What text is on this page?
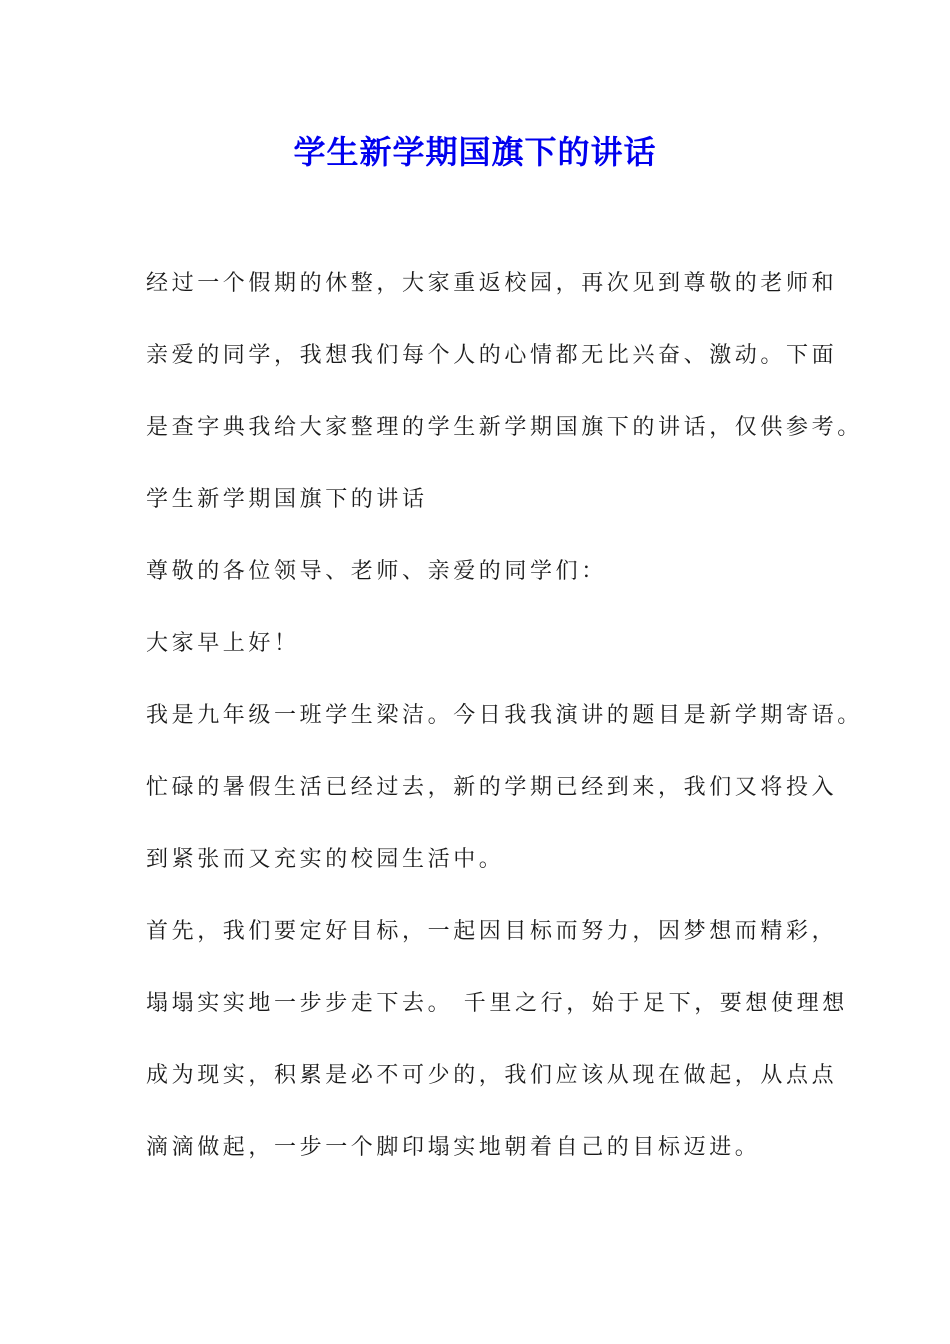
学生新学期国旗下的讲话
经过一个假期的休整，大家重返校园，再次见到尊敬的老师和
亲爱的同学，我想我们每个人的心情都无比兴奋、激动。下面
是查字典我给大家整理的学生新学期国旗下的讲话，仅供参考。
学生新学期国旗下的讲话
尊敬的各位领导、老师、亲爱的同学们：
大家早上好！
我是九年级一班学生梁洁。今日我我演讲的题目是新学期寄语。
忙碌的暑假生活已经过去，新的学期已经到来，我们又将投入
到紧张而又充实的校园生活中。
首先，我们要定好目标，一起因目标而努力，因梦想而精彩，
塌塌实实地一步步走下去。 千里之行，始于足下，要想使理想
成为现实，积累是必不可少的，我们应该从现在做起，从点点
滴滴做起，一步一个脚印塌实地朝着自己的目标迈进。
